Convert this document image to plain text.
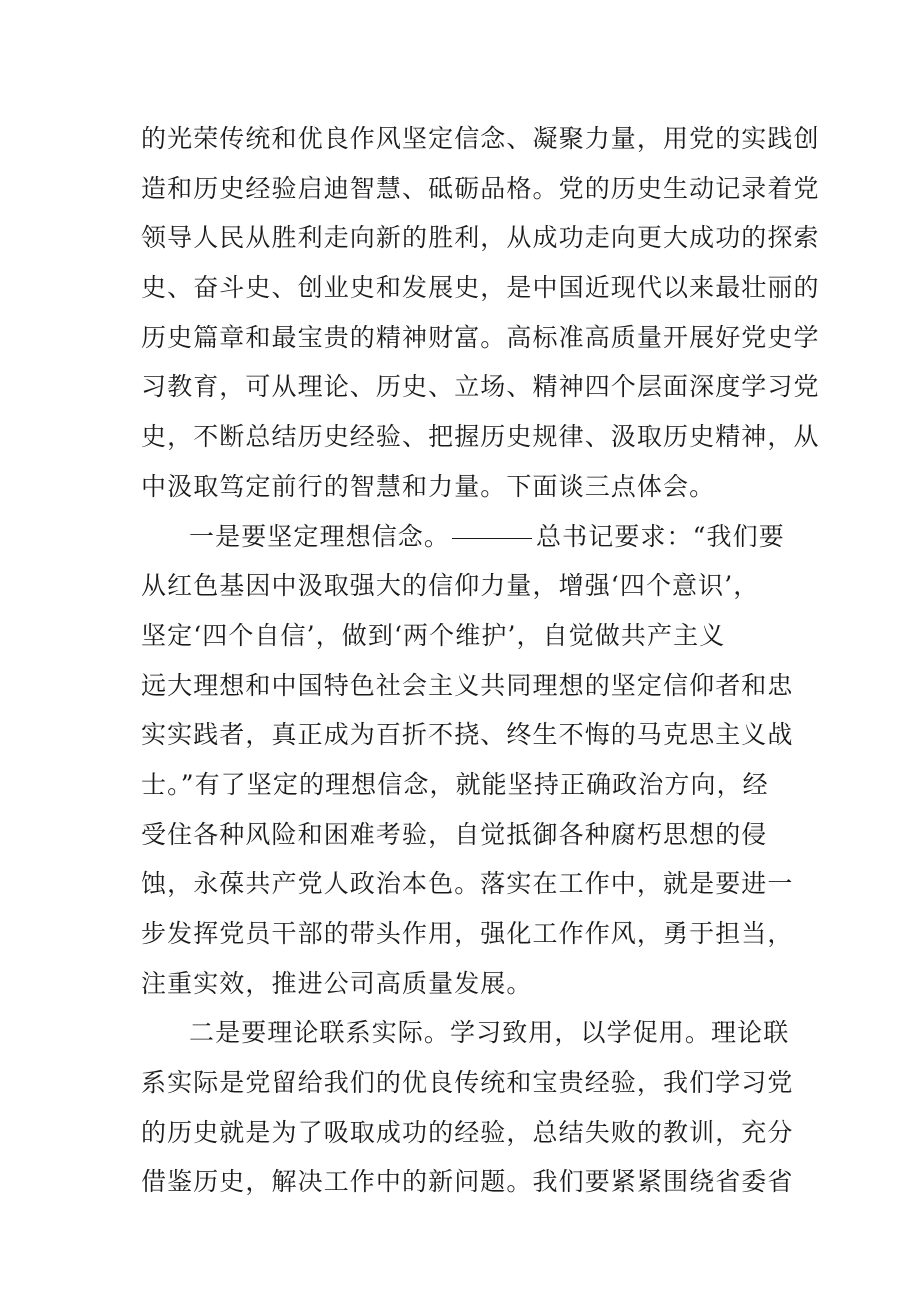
的光荣传统和优良作风坚定信念、凝聚力量，用党的实践创
造和历史经验启迪智慧、砥砺品格。党的历史生动记录着党
领导人民从胜利走向新的胜利，从成功走向更大成功的探索
史、奋斗史、创业史和发展史，是中国近现代以来最壮丽的
历史篇章和最宝贵的精神财富。高标准高质量开展好党史学
习教育，可从理论、历史、立场、精神四个层面深度学习党
史，不断总结历史经验、把握历史规律、汲取历史精神，从
中汲取笃定前行的智慧和力量。下面谈三点体会。
一是要坚定理想信念。	总书记要求：“我们要
从红色基因中汲取强大的信仰力量，增强‘四个意识’，
坚定‘四个自信’，做到‘两个维护’，自觉做共产主义
远大理想和中国特色社会主义共同理想的坚定信仰者和忠
实实践者，真正成为百折不挠、终生不悔的马克思主义战
士。”有了坚定的理想信念，就能坚持正确政治方向，经
受住各种风险和困难考验，自觉抵御各种腐朽思想的侵
蚀，永葆共产党人政治本色。落实在工作中，就是要进一
步发挥党员干部的带头作用，强化工作作风，勇于担当，
注重实效，推进公司高质量发展。
二是要理论联系实际。学习致用，以学促用。理论联
系实际是党留给我们的优良传统和宝贵经验，我们学习党
的历史就是为了吸取成功的经验，总结失败的教训，充分
借鉴历史，解决工作中的新问题。我们要紧紧围绕省委省
